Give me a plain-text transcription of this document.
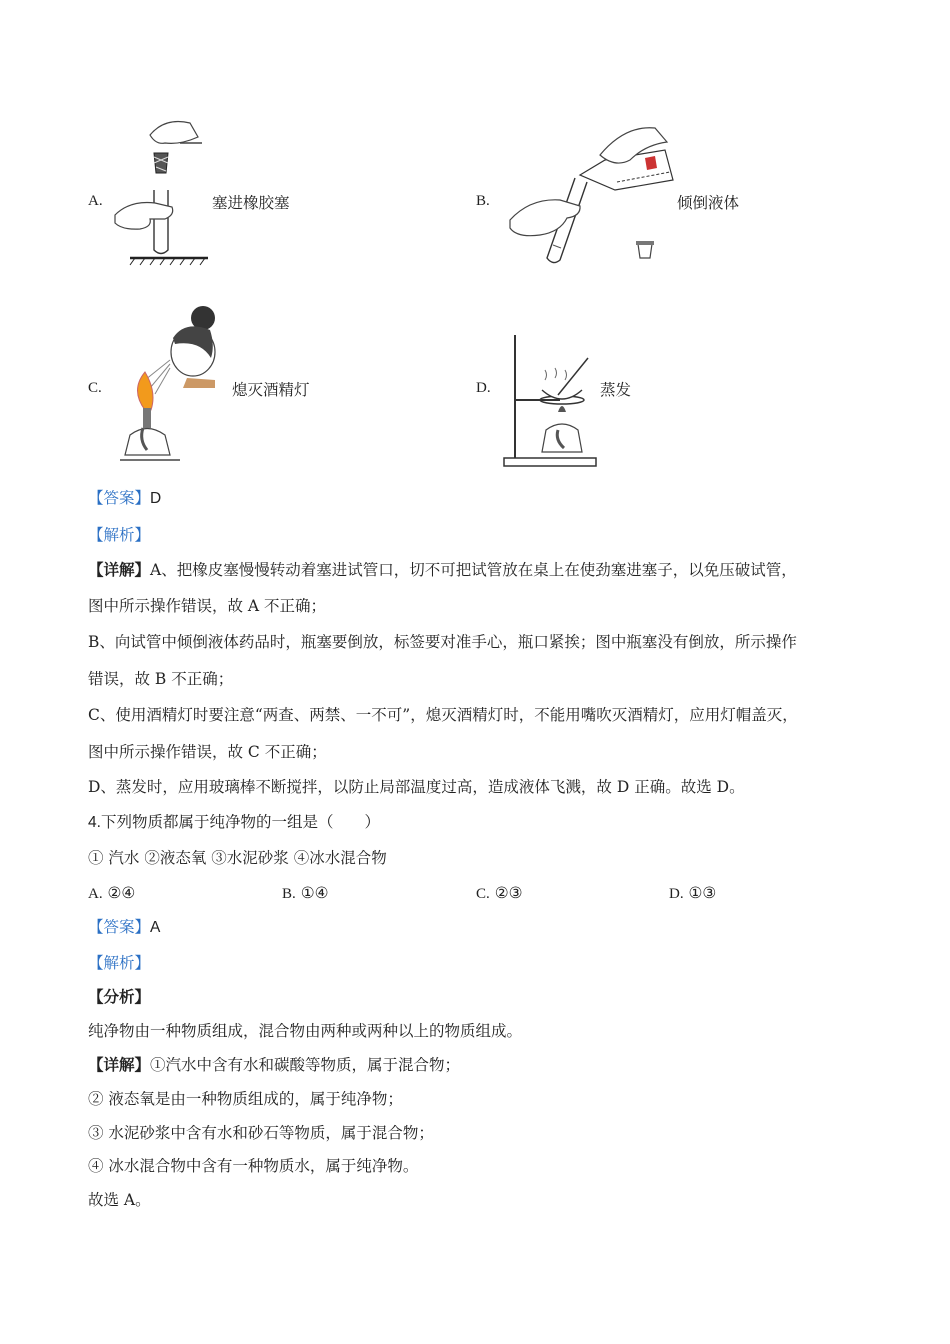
A.	塞进橡胶塞	B.	倾倒液体
C.	熄灭酒精灯	D.	蒸发
【答案】D
【解析】
【详解】A、把橡皮塞慢慢转动着塞进试管口，切不可把试管放在桌上在使劲塞进塞子，以免压破试管，
图中所示操作错误，故 A 不正确；
B、向试管中倾倒液体药品时，瓶塞要倒放，标签要对准手心，瓶口紧挨；图中瓶塞没有倒放，所示操作
错误，故 B 不正确；
C、使用酒精灯时要注意“两查、两禁、一不可”，熄灭酒精灯时，不能用嘴吹灭酒精灯，应用灯帽盖灭，
图中所示操作错误，故 C 不正确；
D、蒸发时，应用玻璃棒不断搅拌，以防止局部温度过高，造成液体飞溅，故 D 正确。故选 D。
4.下列物质都属于纯净物的一组是（　　）
① 汽水 ②液态氧 ③水泥砂浆 ④冰水混合物
A. ②④	B. ①④	C. ②③	D. ①③
【答案】A
【解析】
【分析】
纯净物由一种物质组成，混合物由两种或两种以上的物质组成。
【详解】①汽水中含有水和碳酸等物质，属于混合物；
② 液态氧是由一种物质组成的，属于纯净物；
③ 水泥砂浆中含有水和砂石等物质，属于混合物；
④ 冰水混合物中含有一种物质水，属于纯净物。
故选 A。
